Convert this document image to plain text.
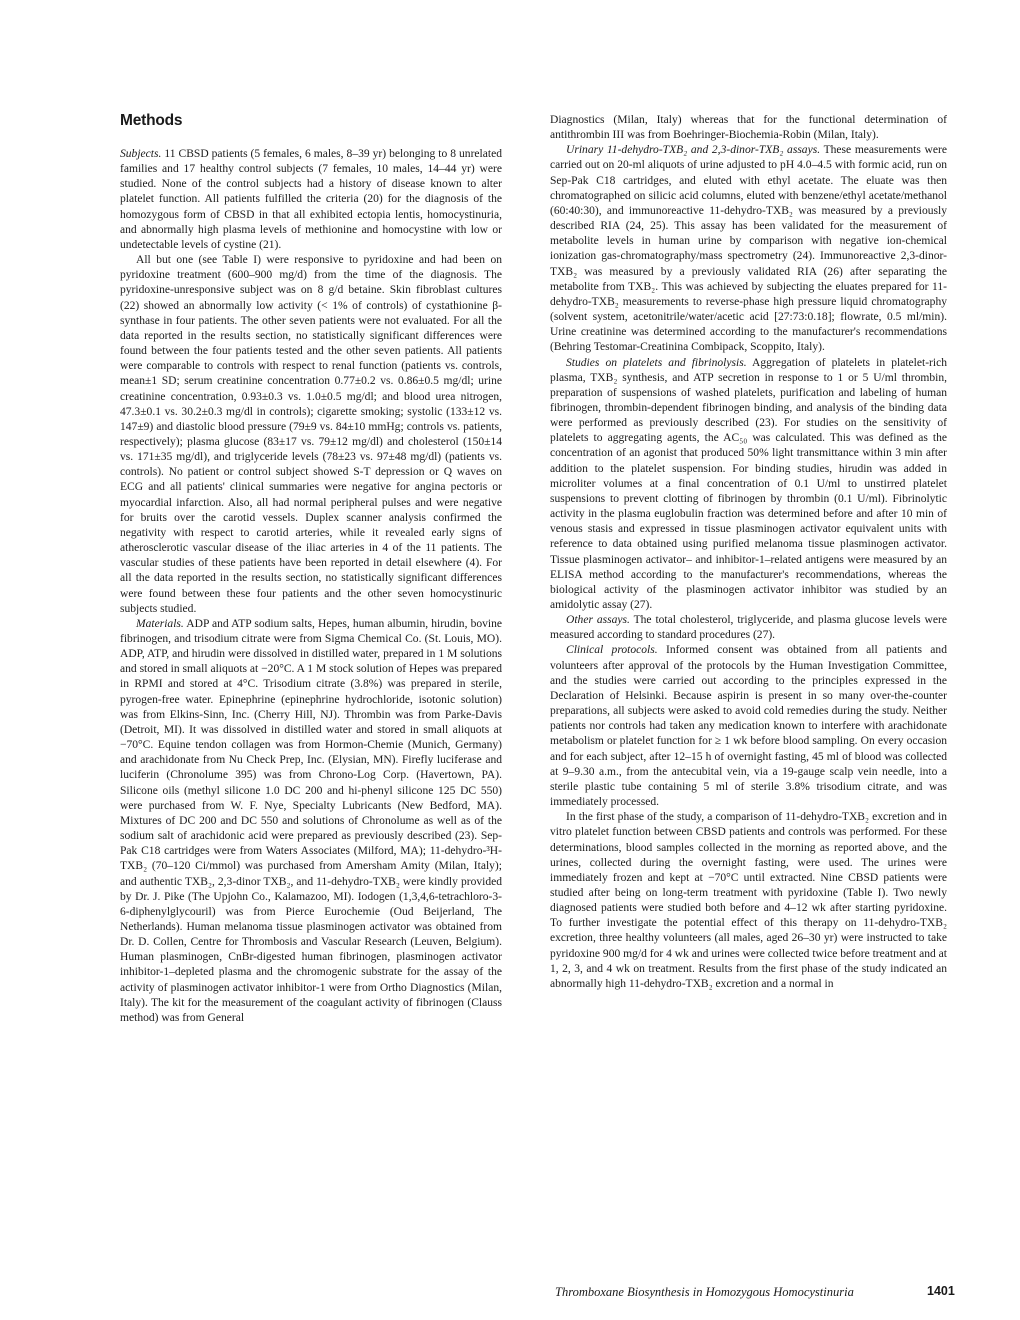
Methods

Subjects. 11 CBSD patients (5 females, 6 males, 8–39 yr) belonging to 8 unrelated families and 17 healthy control subjects (7 females, 10 males, 14–44 yr) were studied. None of the control subjects had a history of disease known to alter platelet function. All patients fulfilled the criteria (20) for the diagnosis of the homozygous form of CBSD in that all exhibited ectopia lentis, homocystinuria, and abnormally high plasma levels of methionine and homocystine with low or undetectable levels of cystine (21).

All but one (see Table I) were responsive to pyridoxine and had been on pyridoxine treatment (600–900 mg/d) from the time of the diagnosis. The pyridoxine-unresponsive subject was on 8 g/d betaine. Skin fibroblast cultures (22) showed an abnormally low activity (< 1% of controls) of cystathionine β-synthase in four patients. The other seven patients were not evaluated. For all the data reported in the results section, no statistically significant differences were found between the four patients tested and the other seven patients. All patients were comparable to controls with respect to renal function (patients vs. controls, mean±1 SD; serum creatinine concentration 0.77±0.2 vs. 0.86±0.5 mg/dl; urine creatinine concentration, 0.93±0.3 vs. 1.0±0.5 mg/dl; and blood urea nitrogen, 47.3±0.1 vs. 30.2±0.3 mg/dl in controls); cigarette smoking; systolic (133±12 vs. 147±9) and diastolic blood pressure (79±9 vs. 84±10 mmHg; controls vs. patients, respectively); plasma glucose (83±17 vs. 79±12 mg/dl) and cholesterol (150±14 vs. 171±35 mg/dl), and triglyceride levels (78±23 vs. 97±48 mg/dl) (patients vs. controls). No patient or control subject showed S-T depression or Q waves on ECG and all patients' clinical summaries were negative for angina pectoris or myocardial infarction. Also, all had normal peripheral pulses and were negative for bruits over the carotid vessels. Duplex scanner analysis confirmed the negativity with respect to carotid arteries, while it revealed early signs of atherosclerotic vascular disease of the iliac arteries in 4 of the 11 patients. The vascular studies of these patients have been reported in detail elsewhere (4). For all the data reported in the results section, no statistically significant differences were found between these four patients and the other seven homocystinuric subjects studied.

Materials. ADP and ATP sodium salts, Hepes, human albumin, hirudin, bovine fibrinogen, and trisodium citrate were from Sigma Chemical Co. (St. Louis, MO). ADP, ATP, and hirudin were dissolved in distilled water, prepared in 1 M solutions and stored in small aliquots at −20°C. A 1 M stock solution of Hepes was prepared in RPMI and stored at 4°C. Trisodium citrate (3.8%) was prepared in sterile, pyrogen-free water. Epinephrine (epinephrine hydrochloride, isotonic solution) was from Elkins-Sinn, Inc. (Cherry Hill, NJ). Thrombin was from Parke-Davis (Detroit, MI). It was dissolved in distilled water and stored in small aliquots at −70°C. Equine tendon collagen was from Hormon-Chemie (Munich, Germany) and arachidonate from Nu Check Prep, Inc. (Elysian, MN). Firefly luciferase and luciferin (Chronolume 395) was from Chrono-Log Corp. (Havertown, PA). Silicone oils (methyl silicone 1.0 DC 200 and hi-phenyl silicone 125 DC 550) were purchased from W. F. Nye, Specialty Lubricants (New Bedford, MA). Mixtures of DC 200 and DC 550 and solutions of Chronolume as well as of the sodium salt of arachidonic acid were prepared as previously described (23). Sep-Pak C18 cartridges were from Waters Associates (Milford, MA); 11-dehydro-³H-TXB₂ (70–120 Ci/mmol) was purchased from Amersham Amity (Milan, Italy); and authentic TXB₂, 2,3-dinor TXB₂, and 11-dehydro-TXB₂ were kindly provided by Dr. J. Pike (The Upjohn Co., Kalamazoo, MI). Iodogen (1,3,4,6-tetrachloro-3-6-diphenylglycouril) was from Pierce Eurochemie (Oud Beijerland, The Netherlands). Human melanoma tissue plasminogen activator was obtained from Dr. D. Collen, Centre for Thrombosis and Vascular Research (Leuven, Belgium). Human plasminogen, CnBr-digested human fibrinogen, plasminogen activator inhibitor-1–depleted plasma and the chromogenic substrate for the assay of the activity of plasminogen activator inhibitor-1 were from Ortho Diagnostics (Milan, Italy). The kit for the measurement of the coagulant activity of fibrinogen (Clauss method) was from General

Diagnostics (Milan, Italy) whereas that for the functional determination of antithrombin III was from Boehringer-Biochemia-Robin (Milan, Italy).

Urinary 11-dehydro-TXB₂ and 2,3-dinor-TXB₂ assays. These measurements were carried out on 20-ml aliquots of urine adjusted to pH 4.0–4.5 with formic acid, run on Sep-Pak C18 cartridges, and eluted with ethyl acetate. The eluate was then chromatographed on silicic acid columns, eluted with benzene/ethyl acetate/methanol (60:40:30), and immunoreactive 11-dehydro-TXB₂ was measured by a previously described RIA (24, 25). This assay has been validated for the measurement of metabolite levels in human urine by comparison with negative ion-chemical ionization gas-chromatography/mass spectrometry (24). Immunoreactive 2,3-dinor-TXB₂ was measured by a previously validated RIA (26) after separating the metabolite from TXB₂. This was achieved by subjecting the eluates prepared for 11-dehydro-TXB₂ measurements to reverse-phase high pressure liquid chromatography (solvent system, acetonitrile/water/acetic acid [27:73:0.18]; flowrate, 0.5 ml/min). Urine creatinine was determined according to the manufacturer's recommendations (Behring Testomar-Creatinina Combipack, Scoppito, Italy).

Studies on platelets and fibrinolysis. Aggregation of platelets in platelet-rich plasma, TXB₂ synthesis, and ATP secretion in response to 1 or 5 U/ml thrombin, preparation of suspensions of washed platelets, purification and labeling of human fibrinogen, thrombin-dependent fibrinogen binding, and analysis of the binding data were performed as previously described (23). For studies on the sensitivity of platelets to aggregating agents, the AC₅₀ was calculated. This was defined as the concentration of an agonist that produced 50% light transmittance within 3 min after addition to the platelet suspension. For binding studies, hirudin was added in microliter volumes at a final concentration of 0.1 U/ml to unstirred platelet suspensions to prevent clotting of fibrinogen by thrombin (0.1 U/ml). Fibrinolytic activity in the plasma euglobulin fraction was determined before and after 10 min of venous stasis and expressed in tissue plasminogen activator equivalent units with reference to data obtained using purified melanoma tissue plasminogen activator. Tissue plasminogen activator– and inhibitor-1–related antigens were measured by an ELISA method according to the manufacturer's recommendations, whereas the biological activity of the plasminogen activator inhibitor was studied by an amidolytic assay (27).

Other assays. The total cholesterol, triglyceride, and plasma glucose levels were measured according to standard procedures (27).

Clinical protocols. Informed consent was obtained from all patients and volunteers after approval of the protocols by the Human Investigation Committee, and the studies were carried out according to the principles expressed in the Declaration of Helsinki. Because aspirin is present in so many over-the-counter preparations, all subjects were asked to avoid cold remedies during the study. Neither patients nor controls had taken any medication known to interfere with arachidonate metabolism or platelet function for ≥ 1 wk before blood sampling. On every occasion and for each subject, after 12–15 h of overnight fasting, 45 ml of blood was collected at 9–9.30 a.m., from the antecubital vein, via a 19-gauge scalp vein needle, into a sterile plastic tube containing 5 ml of sterile 3.8% trisodium citrate, and was immediately processed.

In the first phase of the study, a comparison of 11-dehydro-TXB₂ excretion and in vitro platelet function between CBSD patients and controls was performed. For these determinations, blood samples collected in the morning as reported above, and the urines, collected during the overnight fasting, were used. The urines were immediately frozen and kept at −70°C until extracted. Nine CBSD patients were studied after being on long-term treatment with pyridoxine (Table I). Two newly diagnosed patients were studied both before and 4–12 wk after starting pyridoxine. To further investigate the potential effect of this therapy on 11-dehydro-TXB₂ excretion, three healthy volunteers (all males, aged 26–30 yr) were instructed to take pyridoxine 900 mg/d for 4 wk and urines were collected twice before treatment and at 1, 2, 3, and 4 wk on treatment. Results from the first phase of the study indicated an abnormally high 11-dehydro-TXB₂ excretion and a normal in

Thromboxane Biosynthesis in Homozygous Homocystinuria	1401
